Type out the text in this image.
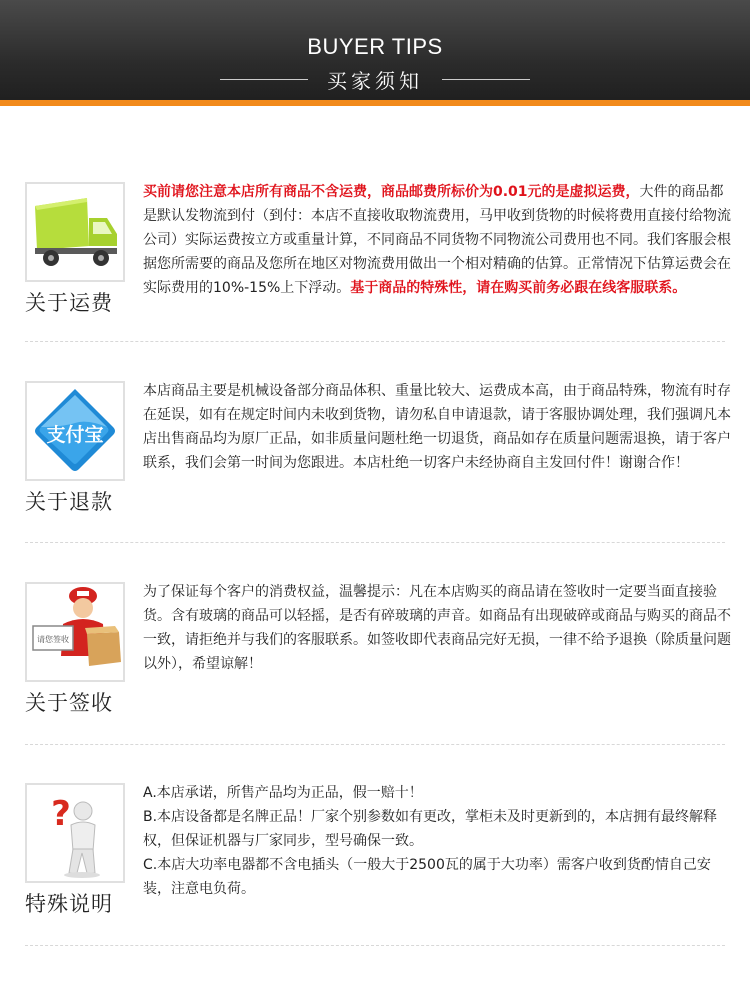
BUYER TIPS
买家须知
关于运费
买前请您注意本店所有商品不含运费，商品邮费所标价为0.01元的是虚拟运费，大件的商品都是默认发物流到付（到付：本店不直接收取物流费用，马甲收到货物的时候将费用直接付给物流公司）实际运费按立方或重量计算，不同商品不同货物不同物流公司费用也不同。我们客服会根据您所需要的商品及您所在地区对物流费用做出一个相对精确的估算。正常情况下估算运费会在实际费用的10%-15%上下浮动。基于商品的特殊性，请在购买前务必跟在线客服联系。
支付宝
关于退款
本店商品主要是机械设备部分商品体积、重量比较大、运费成本高，由于商品特殊，物流有时存在延误，如有在规定时间内未收到货物，请勿私自申请退款，请于客服协调处理，我们强调凡本店出售商品均为原厂正品，如非质量问题杜绝一切退货，商品如存在质量问题需退换，请于客户联系，我们会第一时间为您跟进。本店杜绝一切客户未经协商自主发回付件！谢谢合作！
请您签收
关于签收
为了保证每个客户的消费权益，温馨提示：凡在本店购买的商品请在签收时一定要当面直接验货。含有玻璃的商品可以轻摇，是否有碎玻璃的声音。如商品有出现破碎或商品与购买的商品不一致，请拒绝并与我们的客服联系。如签收即代表商品完好无损，一律不给予退换（除质量问题以外），希望谅解！
?
特殊说明
A.本店承诺，所售产品均为正品，假一赔十！
B.本店设备都是名牌正品！厂家个别参数如有更改，掌柜未及时更新到的，本店拥有最终解释权，但保证机器与厂家同步，型号确保一致。
C.本店大功率电器都不含电插头（一般大于2500瓦的属于大功率）需客户收到货酌情自己安装，注意电负荷。
